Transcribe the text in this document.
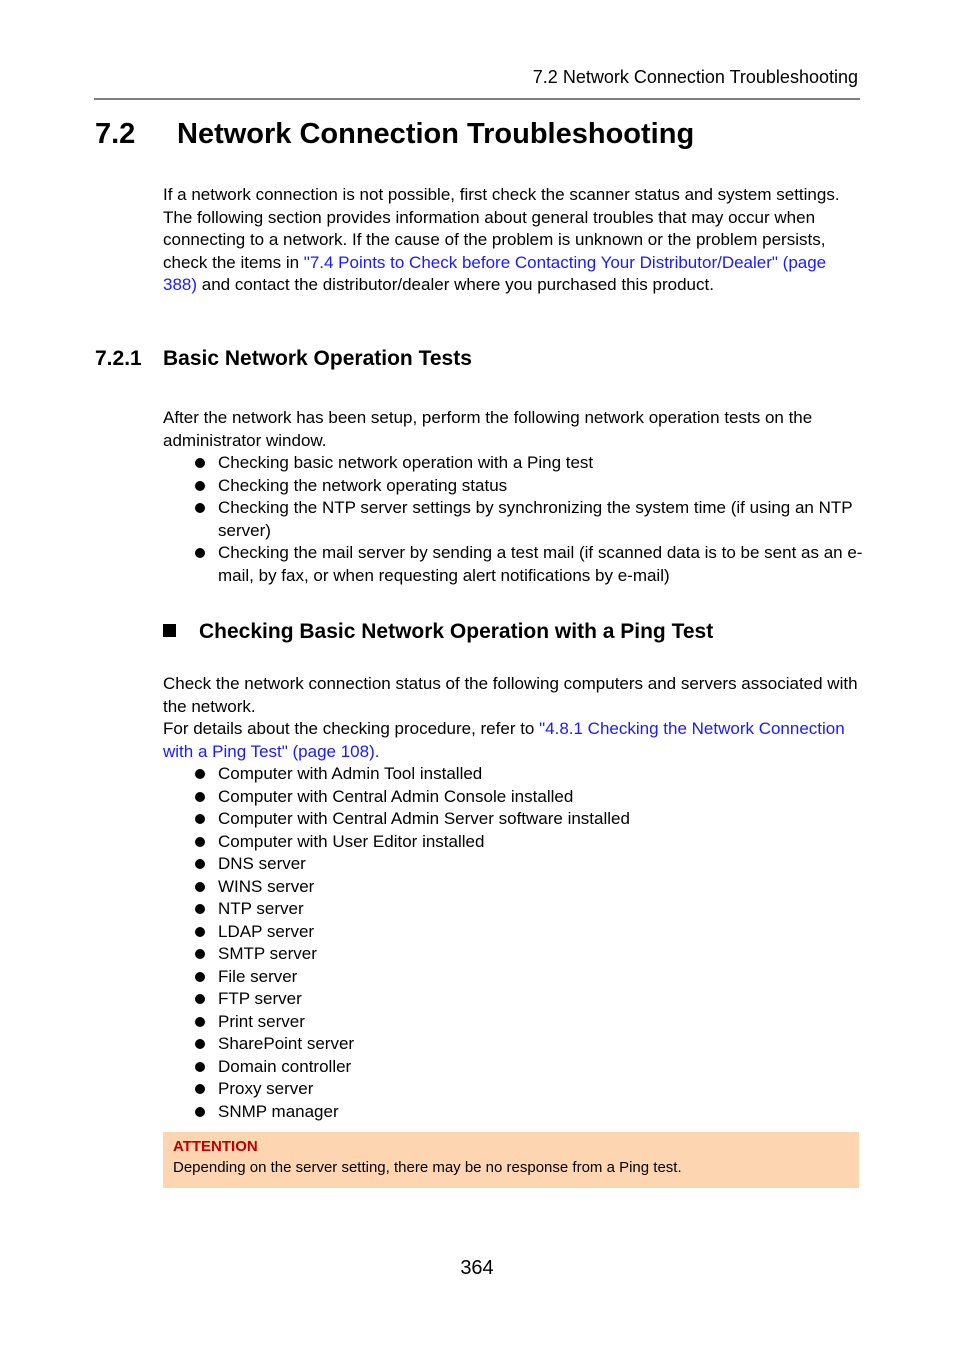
7.2 Network Connection Troubleshooting
7.2 Network Connection Troubleshooting

If a network connection is not possible, first check the scanner status and system settings. The following section provides information about general troubles that may occur when connecting to a network. If the cause of the problem is unknown or the problem persists, check the items in "7.4 Points to Check before Contacting Your Distributor/Dealer" (page 388) and contact the distributor/dealer where you purchased this product.

7.2.1 Basic Network Operation Tests

After the network has been setup, perform the following network operation tests on the administrator window.

Checking basic network operation with a Ping test
Checking the network operating status
Checking the NTP server settings by synchronizing the system time (if using an NTP server)
Checking the mail server by sending a test mail (if scanned data is to be sent as an e-mail, by fax, or when requesting alert notifications by e-mail)
Checking Basic Network Operation with a Ping Test

Check the network connection status of the following computers and servers associated with the network.
For details about the checking procedure, refer to "4.8.1 Checking the Network Connection with a Ping Test" (page 108).

Computer with Admin Tool installed
Computer with Central Admin Console installed
Computer with Central Admin Server software installed
Computer with User Editor installed
DNS server
WINS server
NTP server
LDAP server
SMTP server
File server
FTP server
Print server
SharePoint server
Domain controller
Proxy server
SNMP manager
ATTENTION
Depending on the server setting, there may be no response from a Ping test.
364
